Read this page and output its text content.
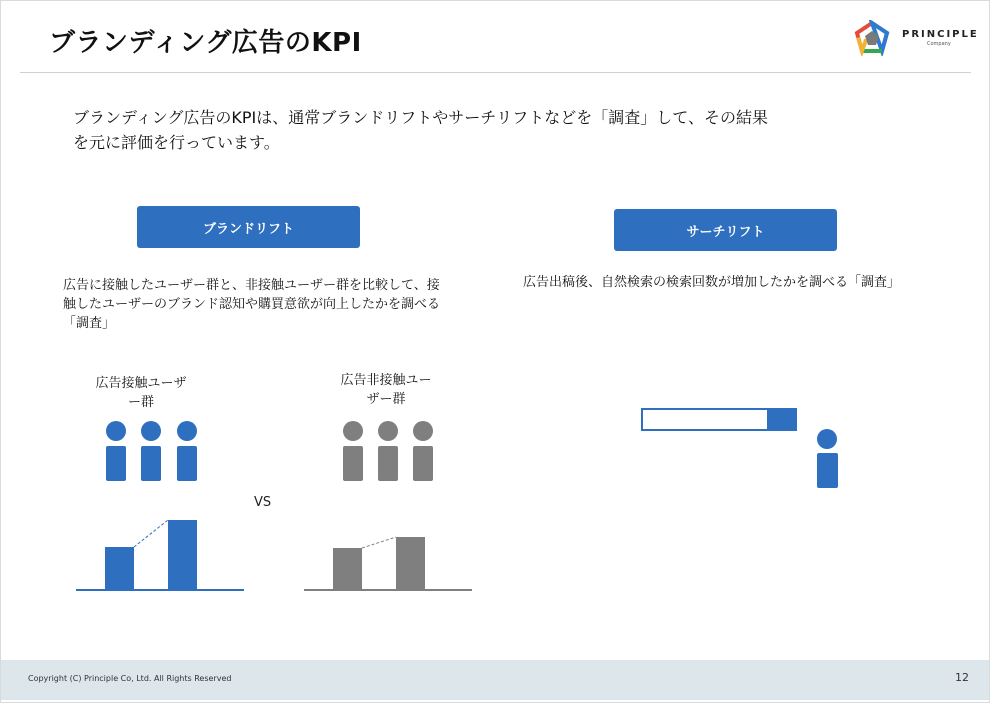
ブランディング広告のKPI	PRINCIPLE
Company
ブランディング広告のKPIは、通常ブランドリフトやサーチリフトなどを「調査」して、その結果を元に評価を行っています。
ブランドリフト	サーチリフト
広告に接触したユーザー群と、非接触ユーザー群を比較して、接触したユーザーのブランド認知や購買意欲が向上したかを調べる「調査」
広告出稿後、自然検索の検索回数が増加したかを調べる「調査」
広告接触ユーザー群
広告非接触ユーザー群
VS
Copyright (C) Principle Co, Ltd. All Rights Reserved	12
